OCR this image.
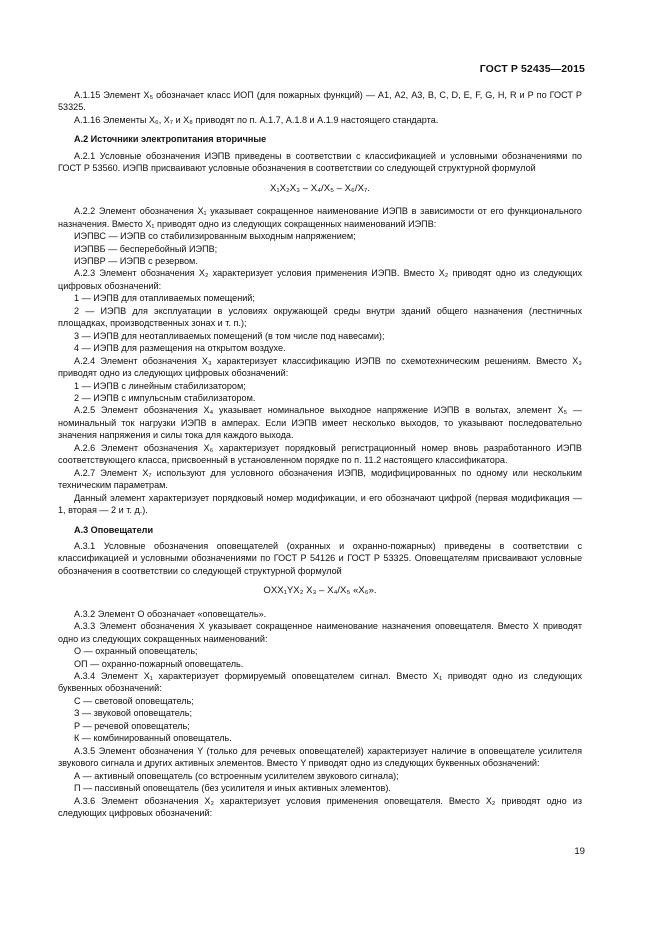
ГОСТ Р 52435—2015

А.1.15 Элемент X₅ обозначает класс ИОП (для пожарных функций) — А1, А2, А3, В, С, D, E, F, G, H, R и Р по ГОСТ Р 53325.

А.1.16 Элементы X₆, X₇ и X₈ приводят по п. А.1.7, А.1.8 и А.1.9 настоящего стандарта.

А.2 Источники электропитания вторичные

А.2.1 Условные обозначения ИЭПВ приведены в соответствии с классификацией и условными обозначениями по ГОСТ Р 53560. ИЭПВ присваивают условные обозначения в соответствии со следующей структурной формулой

X₁X₂X₃ – X₄/X₅ – X₆/X₇.

А.2.2 Элемент обозначения X₁ указывает сокращенное наименование ИЭПВ в зависимости от его функционального назначения. Вместо X₁ приводят одно из следующих сокращенных наименований ИЭПВ:

ИЭПВС — ИЭПВ со стабилизированным выходным напряжением;

ИЭПВБ — бесперебойный ИЭПВ;

ИЭПВР — ИЭПВ с резервом.

А.2.3 Элемент обозначения X₂ характеризует условия применения ИЭПВ. Вместо X₂ приводят одно из следующих цифровых обозначений:

1 — ИЭПВ для отапливаемых помещений;

2 — ИЭПВ для эксплуатации в условиях окружающей среды внутри зданий общего назначения (лестничных площадках, производственных зонах и т. п.);

3 — ИЭПВ для неотапливаемых помещений (в том числе под навесами);

4 — ИЭПВ для размещения на открытом воздухе.

А.2.4 Элемент обозначения X₃ характеризует классификацию ИЭПВ по схемотехническим решениям. Вместо X₃ приводят одно из следующих цифровых обозначений:

1 — ИЭПВ с линейным стабилизатором;

2 — ИЭПВ с импульсным стабилизатором.

А.2.5 Элемент обозначения X₄ указывает номинальное выходное напряжение ИЭПВ в вольтах, элемент X₅ — номинальный ток нагрузки ИЭПВ в амперах. Если ИЭПВ имеет несколько выходов, то указывают последовательно значения напряжения и силы тока для каждого выхода.

А.2.6 Элемент обозначения X₆ характеризует порядковый регистрационный номер вновь разработанного ИЭПВ соответствующего класса, присвоенный в установленном порядке по п. 11.2 настоящего классификатора.

А.2.7 Элемент X₇ используют для условного обозначения ИЭПВ, модифицированных по одному или нескольким техническим параметрам.

Данный элемент характеризует порядковый номер модификации, и его обозначают цифрой (первая модификация — 1, вторая — 2 и т. д.).

А.3 Оповещатели

А.3.1 Условные обозначения оповещателей (охранных и охранно-пожарных) приведены в соответствии с классификацией и условными обозначениями по ГОСТ Р 54126 и ГОСТ Р 53325. Оповещателям присваивают условные обозначения в соответствии со следующей структурной формулой

ОXX₁YX₂ X₃ – X₄/X₅ «X₆».

А.3.2 Элемент О обозначает «оповещатель».

А.3.3 Элемент обозначения X указывает сокращенное наименование назначения оповещателя. Вместо X приводят одно из следующих сокращенных наименований:

О — охранный оповещатель;

ОП — охранно-пожарный оповещатель.

А.3.4 Элемент X₁ характеризует формируемый оповещателем сигнал. Вместо X₁ приводят одно из следующих буквенных обозначений:

С — световой оповещатель;

З — звуковой оповещатель;

Р — речевой оповещатель;

К — комбинированный оповещатель.

А.3.5 Элемент обозначения Y (только для речевых оповещателей) характеризует наличие в оповещателе усилителя звукового сигнала и других активных элементов. Вместо Y приводят одно из следующих буквенных обозначений:

А — активный оповещатель (со встроенным усилителем звукового сигнала);

П — пассивный оповещатель (без усилителя и иных активных элементов).

А.3.6 Элемент обозначения X₂ характеризует условия применения оповещателя. Вместо X₂ приводят одно из следующих цифровых обозначений:

19
